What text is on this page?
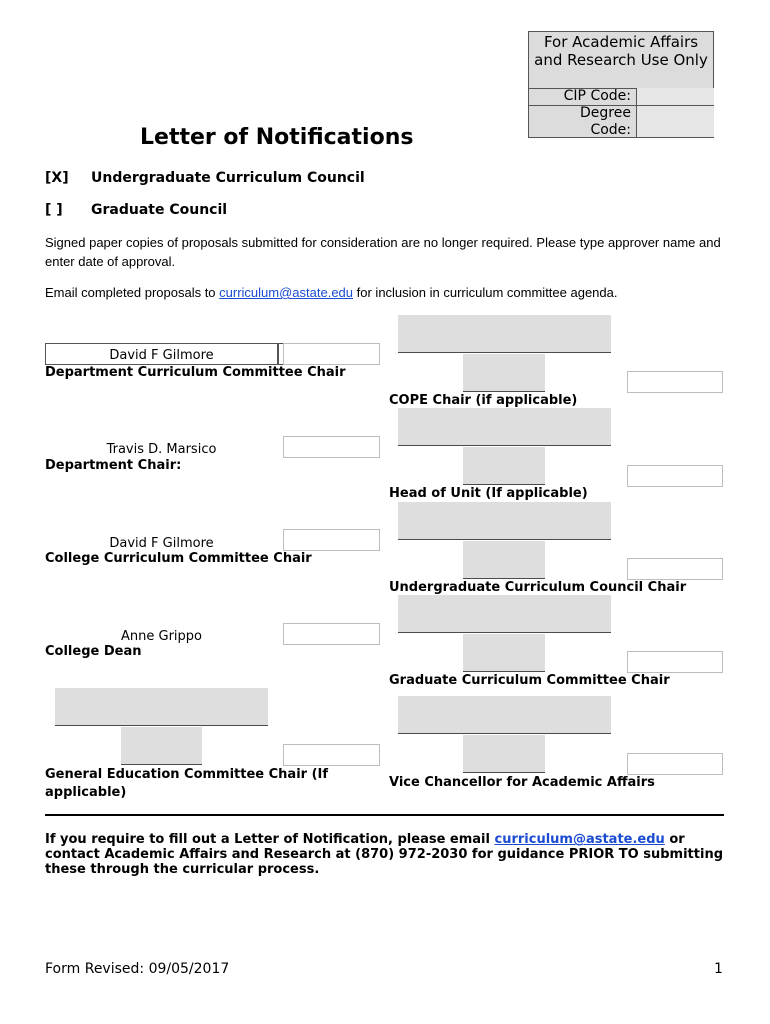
For Academic Affairs and Research Use Only
CIP Code:
Degree
Code:
Letter of Notifications
[X] Undergraduate Curriculum Council
[ ] Graduate Council
Signed paper copies of proposals submitted for consideration are no longer required. Please type approver name and enter date of approval.
Email completed proposals to curriculum@astate.edu for inclusion in curriculum committee agenda.
David F Gilmore
Department Curriculum Committee Chair
Travis D. Marsico
Department Chair:
David F Gilmore
College Curriculum Committee Chair
Anne Grippo
College Dean
General Education Committee Chair (If applicable)
COPE Chair (if applicable)
Head of Unit (If applicable)
Undergraduate Curriculum Council Chair
Graduate Curriculum Committee Chair
Vice Chancellor for Academic Affairs
If you require to fill out a Letter of Notification, please email curriculum@astate.edu or contact Academic Affairs and Research at (870) 972-2030 for guidance PRIOR TO submitting these through the curricular process.
Form Revised: 09/05/2017	1
